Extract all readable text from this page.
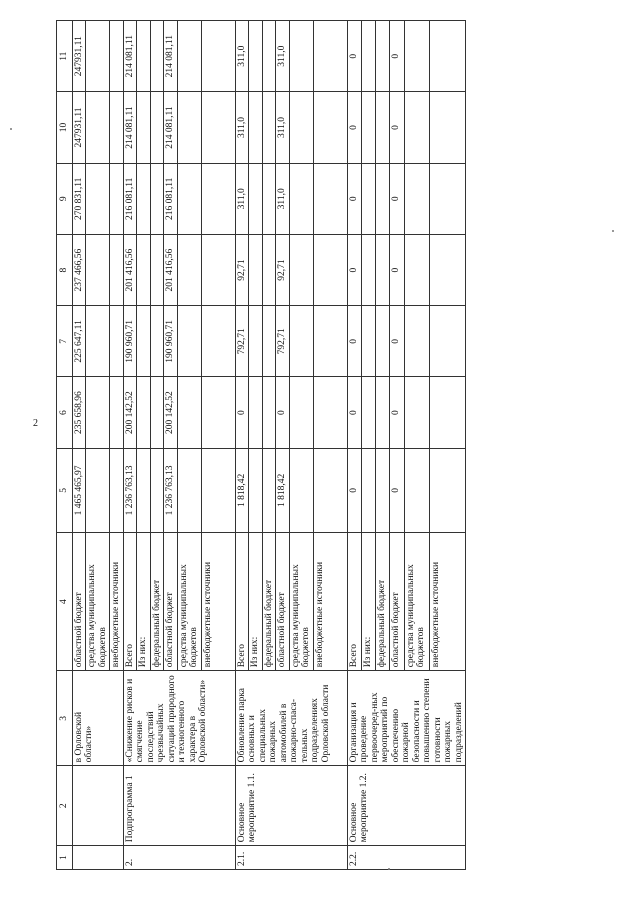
2
1	2	3	4	5	6	7	8	9	10	11
		в Орловской области»	областной бюджет	1 465 465,97	235 658,96	225 647,11	237 466,56	270 831,11	247931,11	247931,11
			средства муниципальных бюджетов							
			внебюджетные источники							
2.	Подпрограмма 1	«Снижение рисков и смягчение последствий чрезвычайных ситуаций природного и техногенного характера в Орловской области»	Всего	1 236 763,13	200 142,52	190 960,71	201 416,56	216 081,11	214 081,11	214 081,11
			Из них:							
			федеральный бюджет							
			областной бюджет	1 236 763,13	200 142,52	190 960,71	201 416,56	216 081,11	214 081,11	214 081,11
			средства муниципальных бюджетов							
			внебюджетные источники							
2.1.	Основное мероприятие 1.1.	Обновление парка основных и специальных пожарных автомобилей в пожарно-спаса-тельных подразделениях Орловской области	Всего	1 818,42	0	792,71	92,71	311,0	311,0	311,0
			Из них:							
			федеральный бюджет							
			областной бюджет	1 818,42	0	792,71	92,71	311,0	311,0	311,0
			средства муниципальных бюджетов							
			внебюджетные источники							
2.2.	Основное мероприятие 1.2.	Организация и проведение первоочеред-ных мероприятий по обеспечению пожарной безопасности и повышению степени готовности пожарных подразделений	Всего	0	0	0	0	0	0	0
			Из них:							
			федеральный бюджет							
			областной бюджет	0	0	0	0	0	0	0
			средства муниципальных бюджетов							
			внебюджетные источники							
